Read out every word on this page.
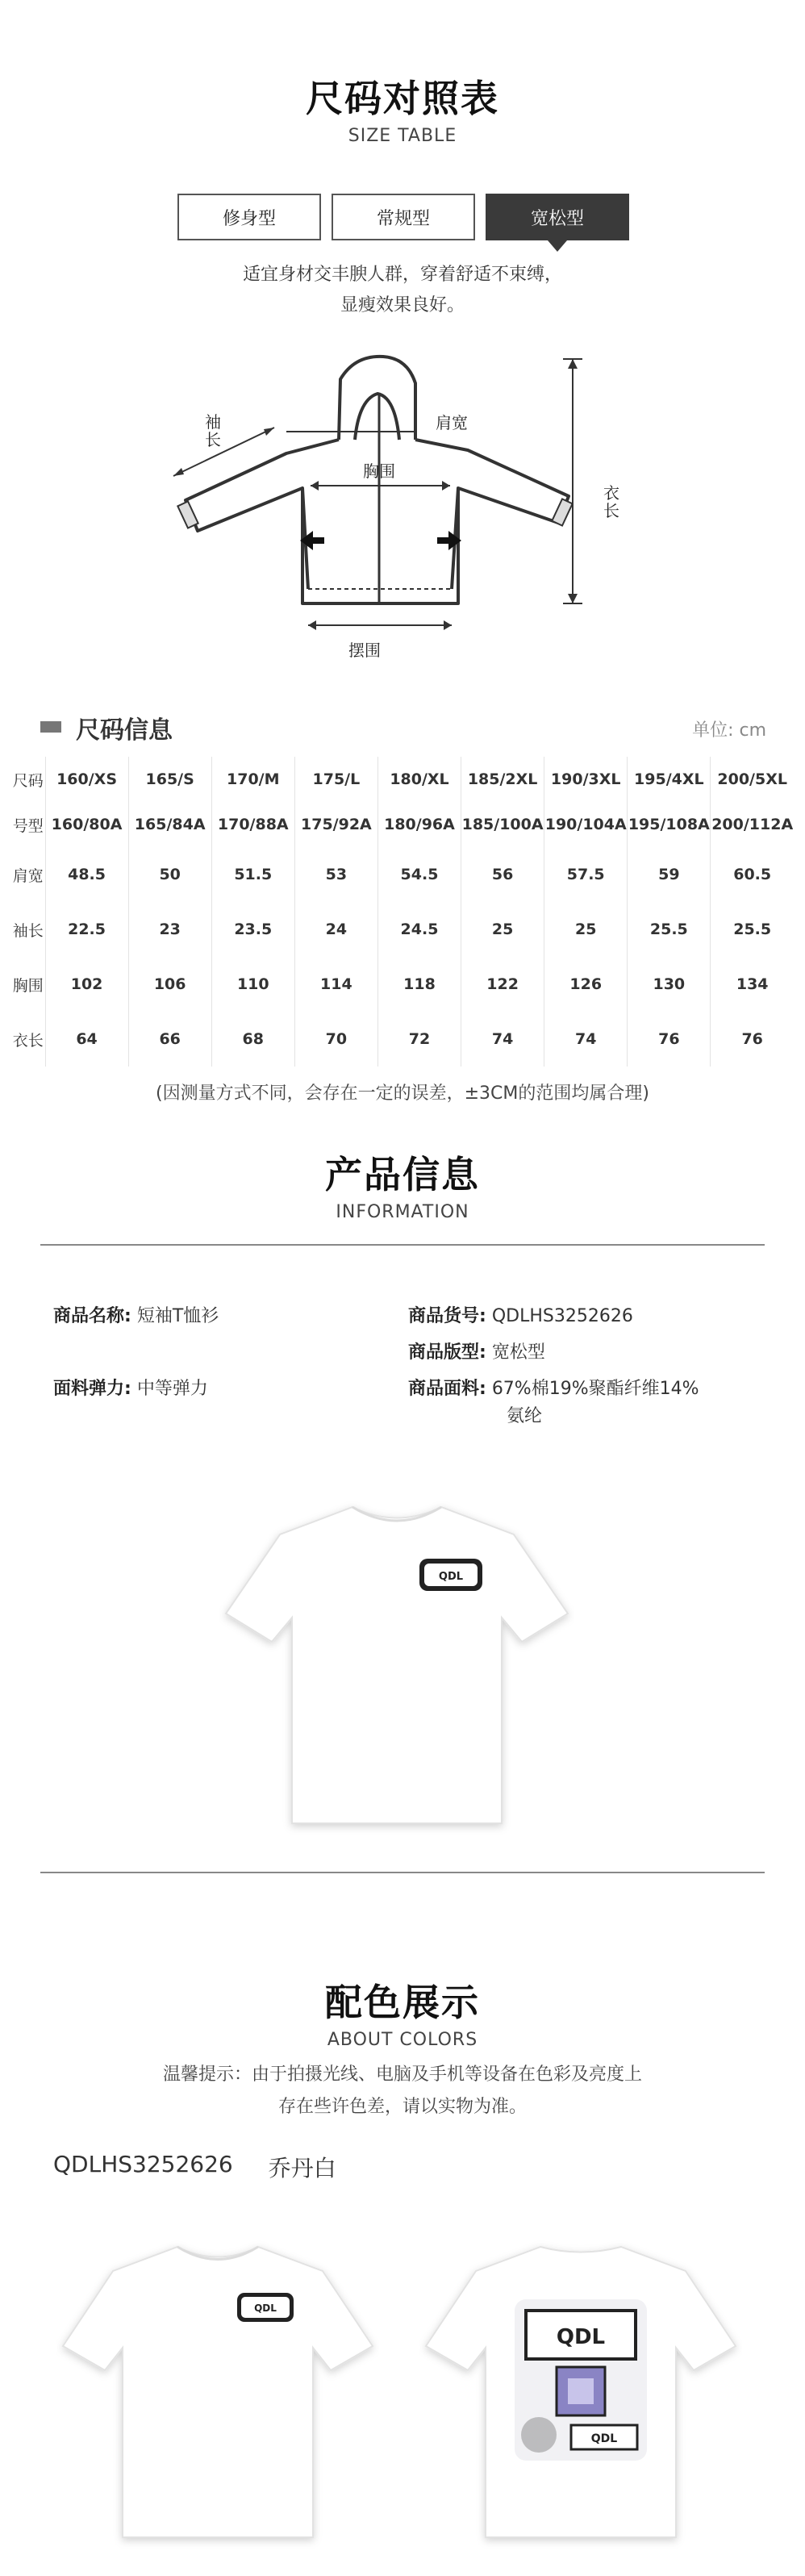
尺码对照表
SIZE TABLE
修身型	常规型	宽松型
适宜身材交丰腴人群，穿着舒适不束缚，
显瘦效果良好。
袖长
肩宽
胸围
摆围
衣长
尺码信息	单位: cm
尺码	160/XS	165/S	170/M	175/L	180/XL	185/2XL	190/3XL	195/4XL	200/5XL
号型	160/80A	165/84A	170/88A	175/92A	180/96A	185/100A	190/104A	195/108A	200/112A
肩宽	48.5	50	51.5	53	54.5	56	57.5	59	60.5
袖长	22.5	23	23.5	24	24.5	25	25	25.5	25.5
胸围	102	106	110	114	118	122	126	130	134
衣长	64	66	68	70	72	74	74	76	76
(因测量方式不同，会存在一定的误差，±3CM的范围均属合理)
产品信息
INFORMATION
商品名称: 短袖T恤衫	商品货号: QDLHS3252626
商品版型: 宽松型
面料弹力: 中等弹力	商品面料: 67%棉19%聚酯纤维14%
氨纶
QDL
配色展示
ABOUT COLORS
温馨提示：由于拍摄光线、电脑及手机等设备在色彩及亮度上
存在些许色差，请以实物为准。
QDLHS3252626 乔丹白
QDL
QDL
QDL
